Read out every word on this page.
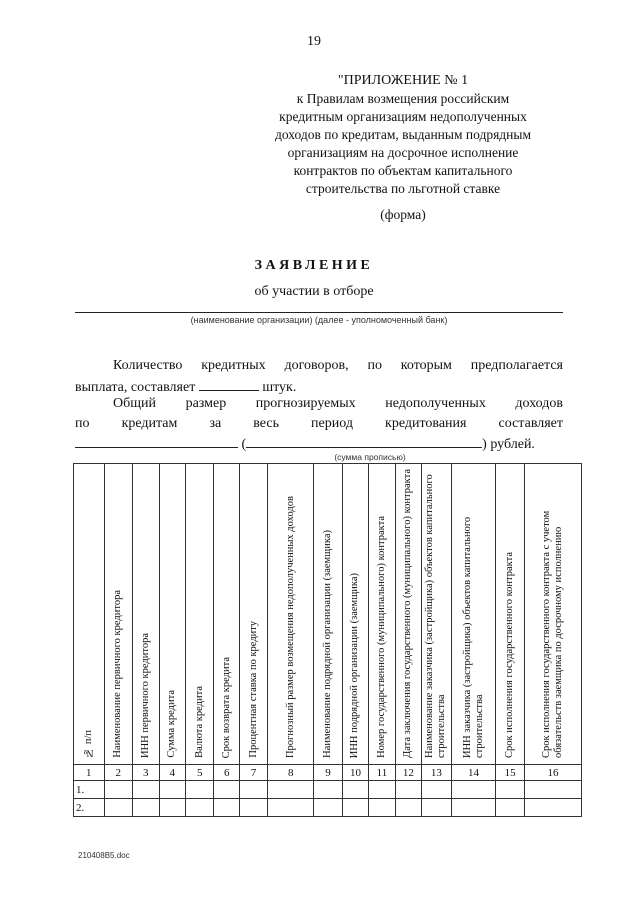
19
"ПРИЛОЖЕНИЕ № 1
к Правилам возмещения российским
кредитным организациям недополученных
доходов по кредитам, выданным подрядным
организациям на досрочное исполнение
контрактов по объектам капитального
строительства по льготной ставке
(форма)
ЗАЯВЛЕНИЕ
об участии в отборе
(наименование организации) (далее - уполномоченный банк)
Количество кредитных договоров, по которым предполагается
выплата, составляет	штук.
Общий размер прогнозируемых недополученных доходов
по кредитам за весь период кредитования составляет
(	) рублей.
(сумма прописью)
№ п/п	Наименование первичного кредитора	ИНН первичного кредитора	Сумма кредита	Валюта кредита	Срок возврата кредита	Процентная ставка по кредиту	Прогнозный размер возмещения недополученных доходов	Наименование подрядной организации (заемщика)	ИНН подрядной организации (заемщика)	Номер государственного (муниципального) контракта	Дата заключения государственного (муниципального) контракта	Наименование заказчика (застройщика) объектов капитального строительства	ИНН заказчика (застройщика) объектов капитального строительства	Срок исполнения государственного контракта	Срок исполнения государственного контракта с учетом обязательств заемщика по досрочному исполнению

1	2	3	4	5	6	7	8	9	10	11	12	13	14	15	16
1.															
2.															
210408В5.doc
